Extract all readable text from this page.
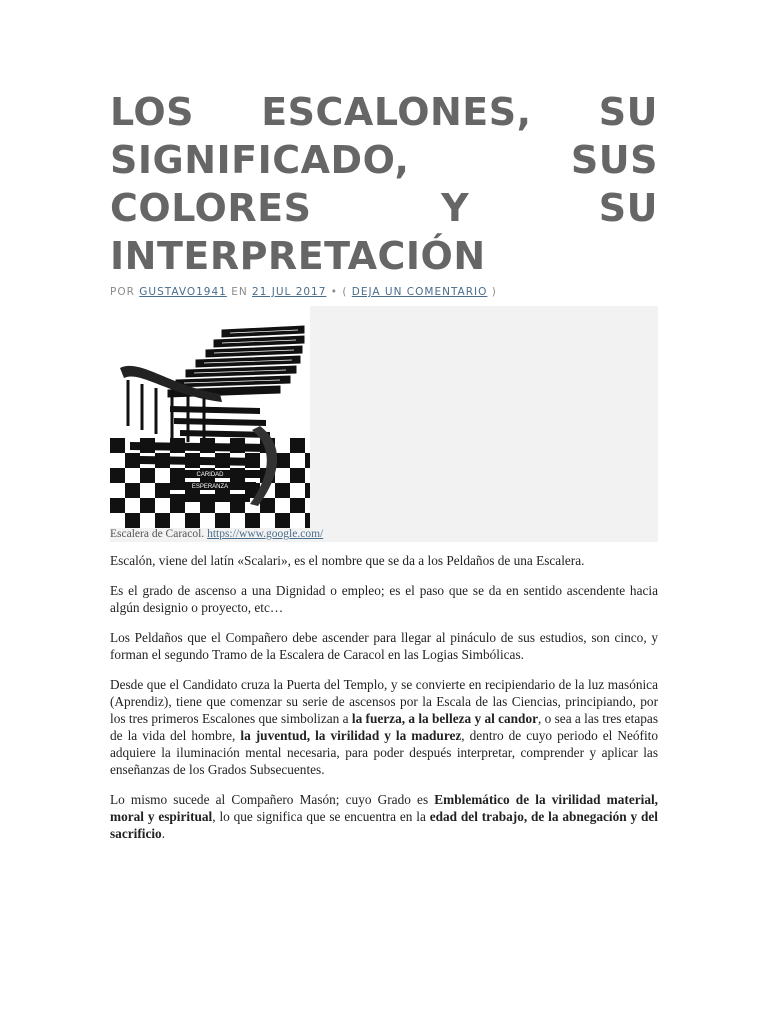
LOS ESCALONES, SU SIGNIFICADO, SUS COLORES Y SU INTERPRETACIÓN
POR GUSTAVO1941 EN 21 JUL 2017 • ( DEJA UN COMENTARIO )
CARIDAD
ESPERANZA
Escalera de Caracol. https://www.google.com/

Escalón, viene del latín «Scalari», es el nombre que se da a los Peldaños de una Escalera.

Es el grado de ascenso a una Dignidad o empleo; es el paso que se da en sentido ascendente hacia algún designio o proyecto, etc…

Los Peldaños que el Compañero debe ascender para llegar al pináculo de sus estudios, son cinco, y forman el segundo Tramo de la Escalera de Caracol en las Logias Simbólicas.

Desde que el Candidato cruza la Puerta del Templo, y se convierte en recipiendario de la luz masónica (Aprendiz), tiene que comenzar su serie de ascensos por la Escala de las Ciencias, principiando, por los tres primeros Escalones que simbolizan a la fuerza, a la belleza y al candor, o sea a las tres etapas de la vida del hombre, la juventud, la virilidad y la madurez, dentro de cuyo periodo el Neófito adquiere la iluminación mental necesaria, para poder después interpretar, comprender y aplicar las enseñanzas de los Grados Subsecuentes.

Lo mismo sucede al Compañero Masón; cuyo Grado es Emblemático de la virilidad material, moral y espiritual, lo que significa que se encuentra en la edad del trabajo, de la abnegación y del sacrificio.
